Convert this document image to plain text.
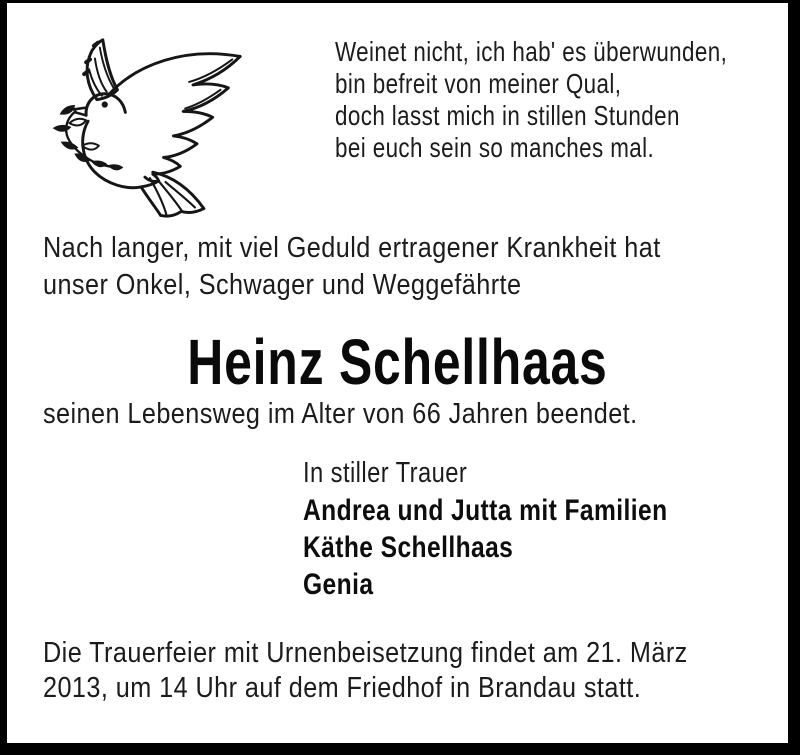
Weinet nicht, ich hab' es überwunden,
bin befreit von meiner Qual,
doch lasst mich in stillen Stunden
bei euch sein so manches mal.
Nach langer, mit viel Geduld ertragener Krankheit hat
unser Onkel, Schwager und Weggefährte
Heinz Schellhaas
seinen Lebensweg im Alter von 66 Jahren beendet.
In stiller Trauer
Andrea und Jutta mit Familien
Käthe Schellhaas
Genia
Die Trauerfeier mit Urnenbeisetzung findet am 21. März
2013, um 14 Uhr auf dem Friedhof in Brandau statt.
